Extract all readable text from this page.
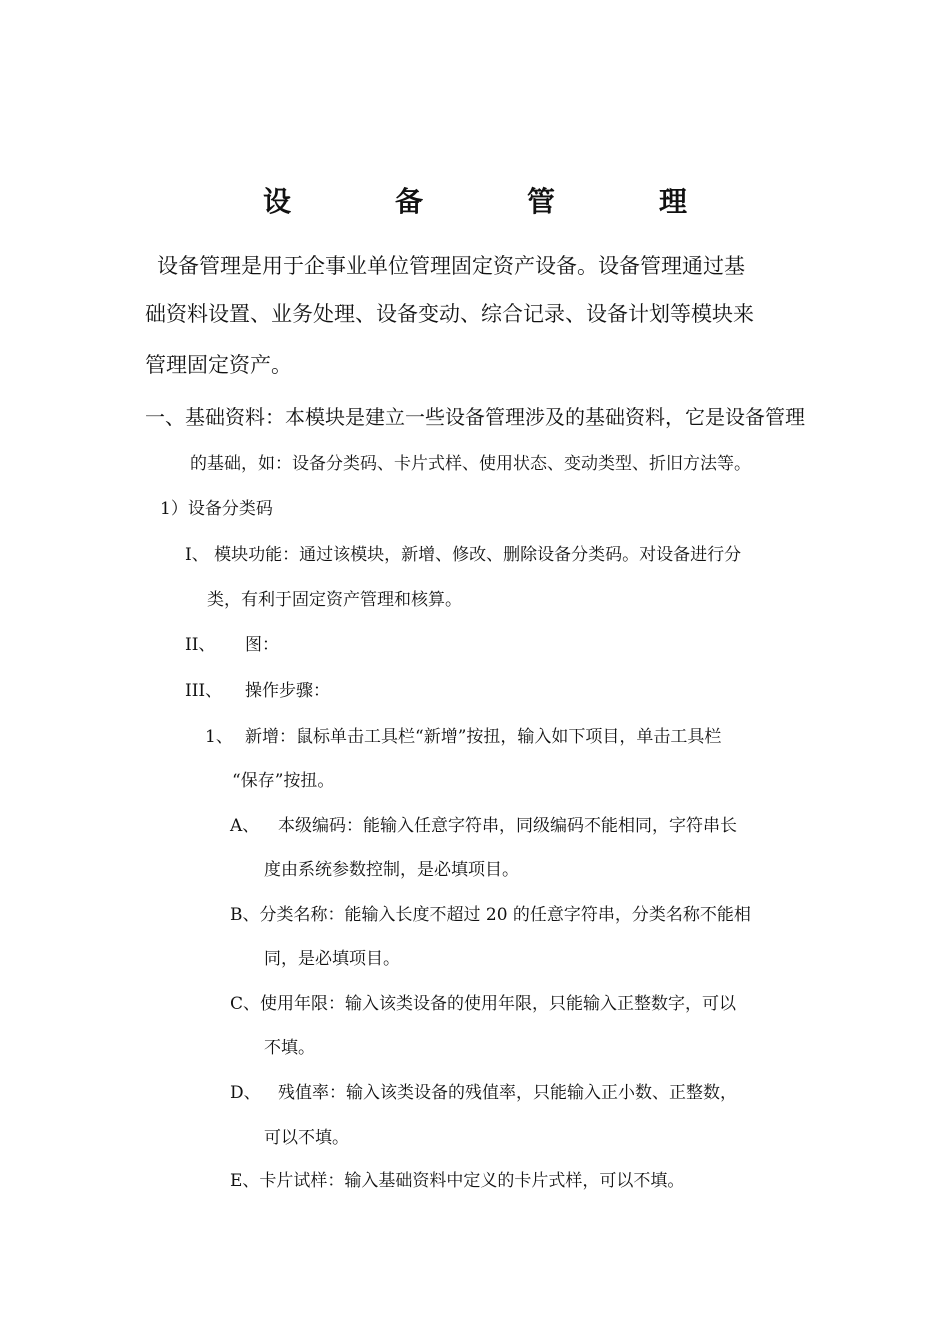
设　备　管　理

设备管理是用于企事业单位管理固定资产设备。设备管理通过基

础资料设置、业务处理、设备变动、综合记录、设备计划等模块来

管理固定资产。

一、基础资料：本模块是建立一些设备管理涉及的基础资料，它是设备管理

的基础，如：设备分类码、卡片式样、使用状态、变动类型、折旧方法等。

1）设备分类码

I、 模块功能：通过该模块，新增、修改、删除设备分类码。对设备进行分

类，有利于固定资产管理和核算。

II、 图：

III、 操作步骤：

1、 新增：鼠标单击工具栏“新增”按扭，输入如下项目，单击工具栏

“保存”按扭。

A、 本级编码：能输入任意字符串，同级编码不能相同，字符串长

度由系统参数控制，是必填项目。

B、分类名称：能输入长度不超过 20 的任意字符串，分类名称不能相

同，是必填项目。

C、使用年限：输入该类设备的使用年限，只能输入正整数字，可以

不填。

D、 残值率：输入该类设备的残值率，只能输入正小数、正整数，

可以不填。

E、卡片试样：输入基础资料中定义的卡片式样，可以不填。
